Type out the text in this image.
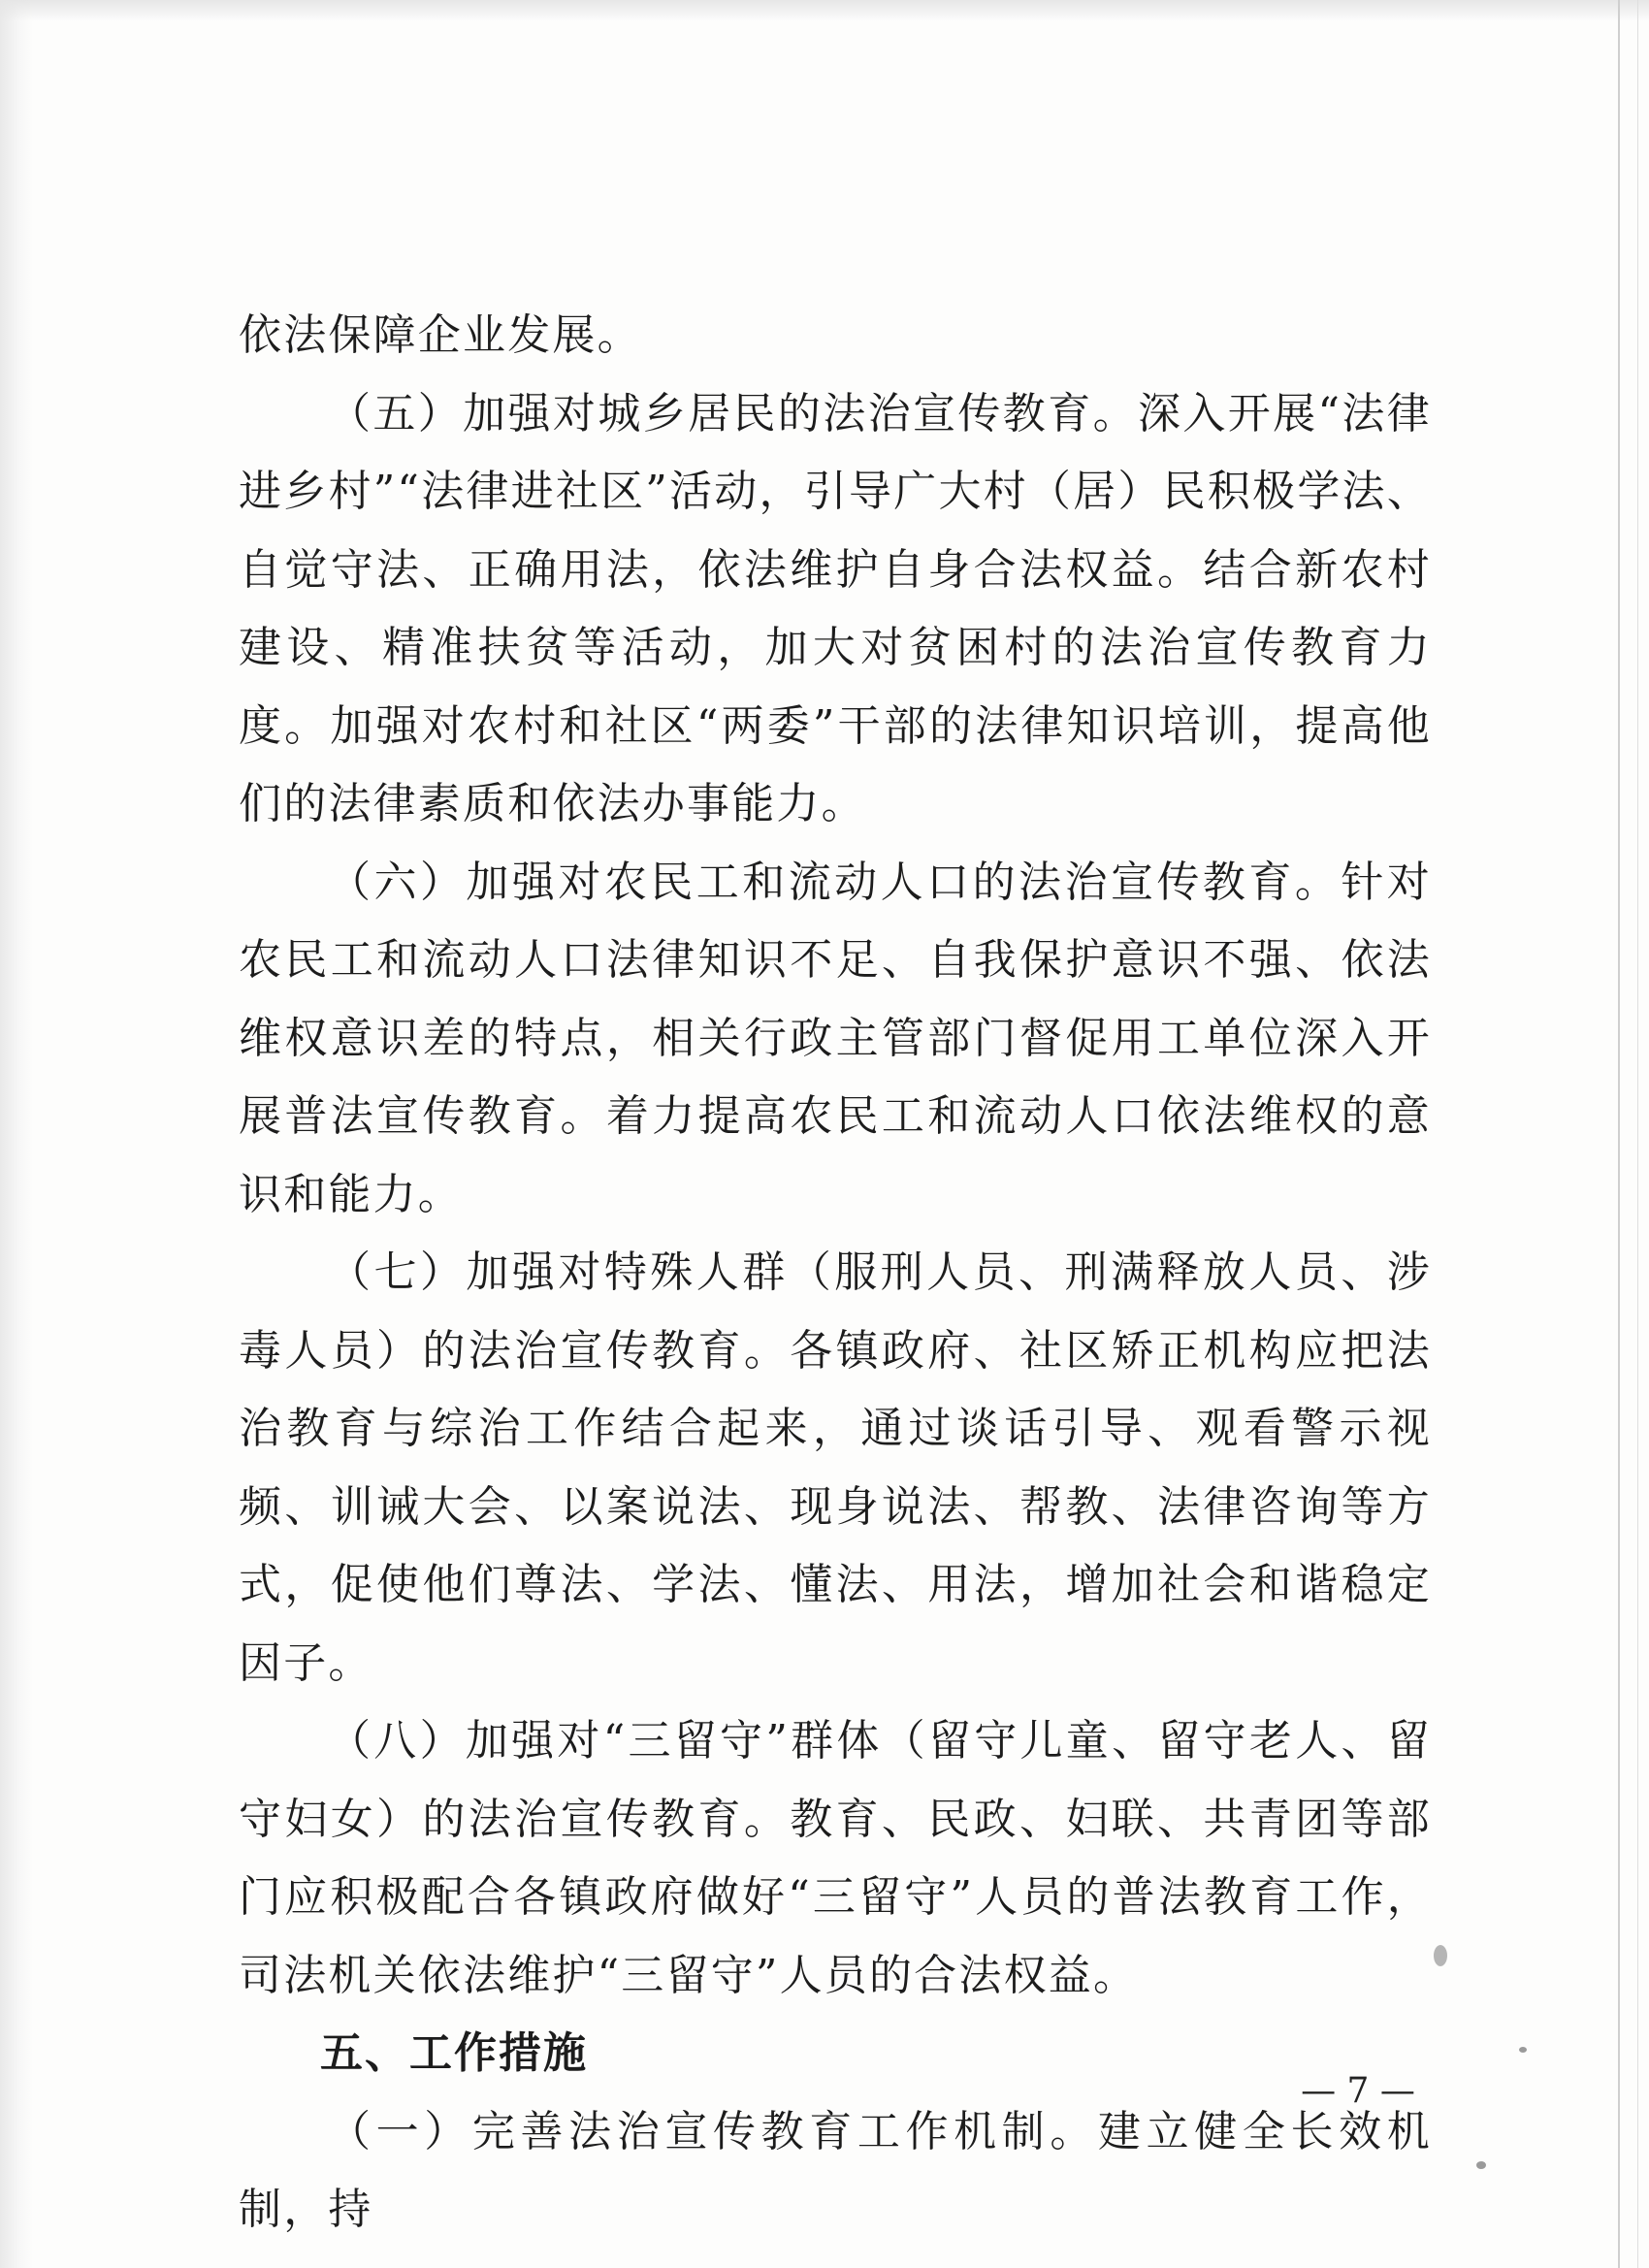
依法保障企业发展。

（五）加强对城乡居民的法治宣传教育。深入开展“法律进乡村”“法律进社区”活动，引导广大村（居）民积极学法、自觉守法、正确用法，依法维护自身合法权益。结合新农村建设、精准扶贫等活动，加大对贫困村的法治宣传教育力度。加强对农村和社区“两委”干部的法律知识培训，提高他们的法律素质和依法办事能力。

（六）加强对农民工和流动人口的法治宣传教育。针对农民工和流动人口法律知识不足、自我保护意识不强、依法维权意识差的特点，相关行政主管部门督促用工单位深入开展普法宣传教育。着力提高农民工和流动人口依法维权的意识和能力。

（七）加强对特殊人群（服刑人员、刑满释放人员、涉毒人员）的法治宣传教育。各镇政府、社区矫正机构应把法治教育与综治工作结合起来，通过谈话引导、观看警示视频、训诫大会、以案说法、现身说法、帮教、法律咨询等方式，促使他们尊法、学法、懂法、用法，增加社会和谐稳定因子。

（八）加强对“三留守”群体（留守儿童、留守老人、留守妇女）的法治宣传教育。教育、民政、妇联、共青团等部门应积极配合各镇政府做好“三留守”人员的普法教育工作，司法机关依法维护“三留守”人员的合法权益。

五、工作措施

（一）完善法治宣传教育工作机制。建立健全长效机制，持

— 7 —
